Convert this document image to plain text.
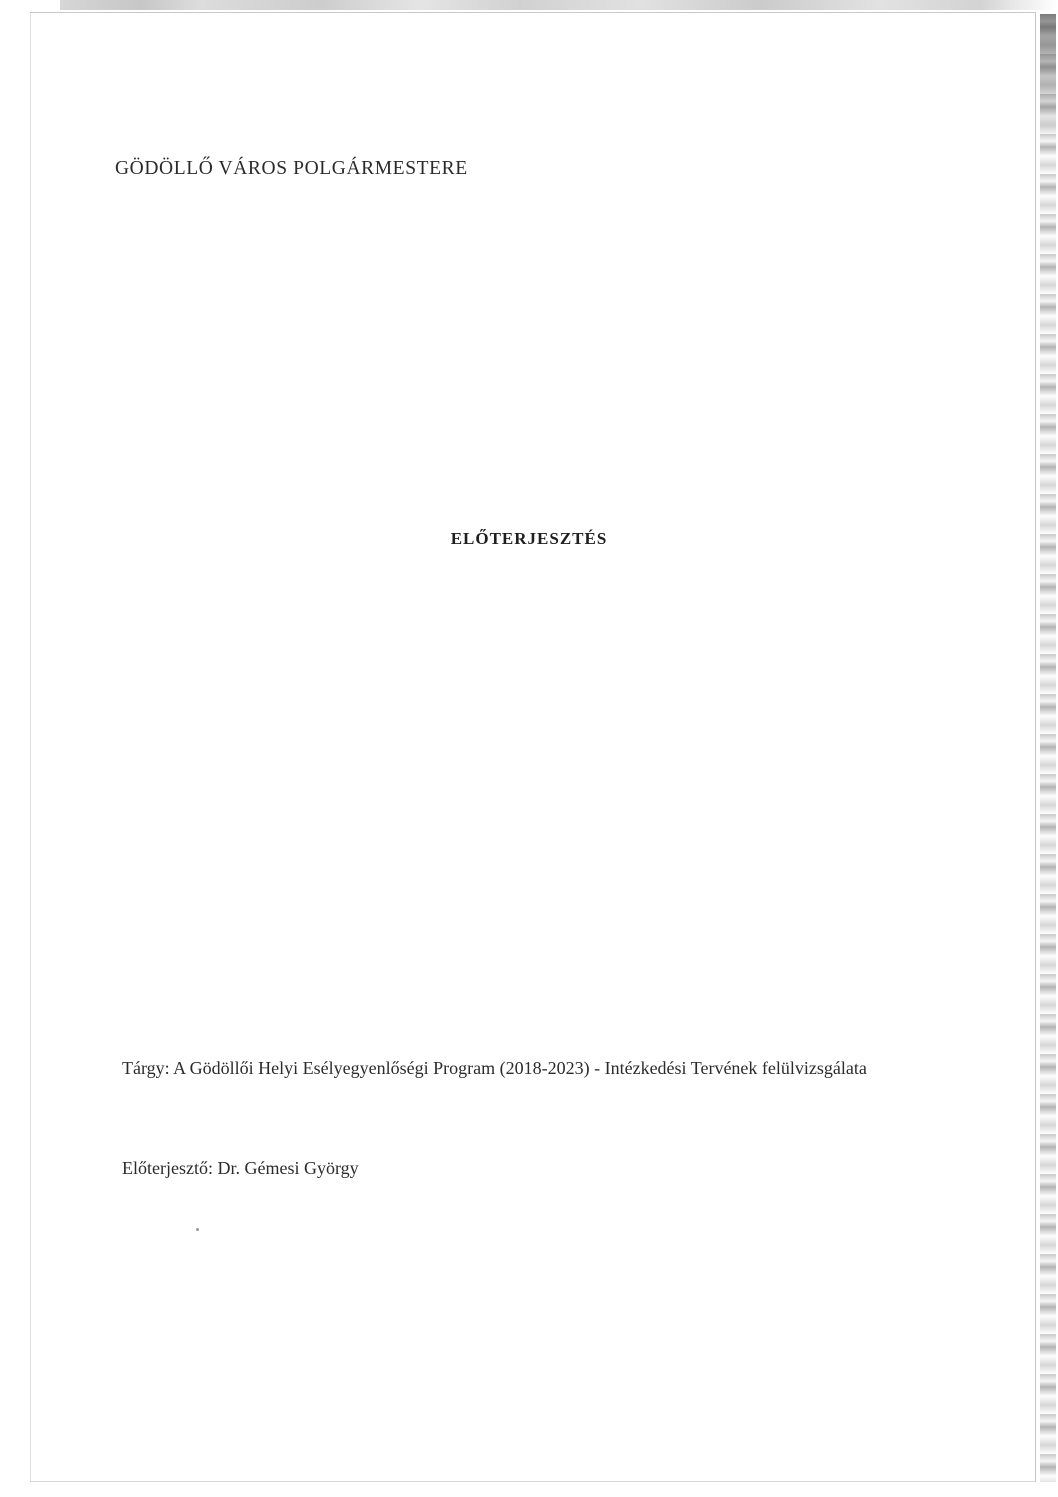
GÖDÖLLŐ VÁROS POLGÁRMESTERE
ELŐTERJESZTÉS
Tárgy: A Gödöllői Helyi Esélyegyenlőségi Program (2018-2023) - Intézkedési Tervének felülvizsgálata
Előterjesztő: Dr. Gémesi György
